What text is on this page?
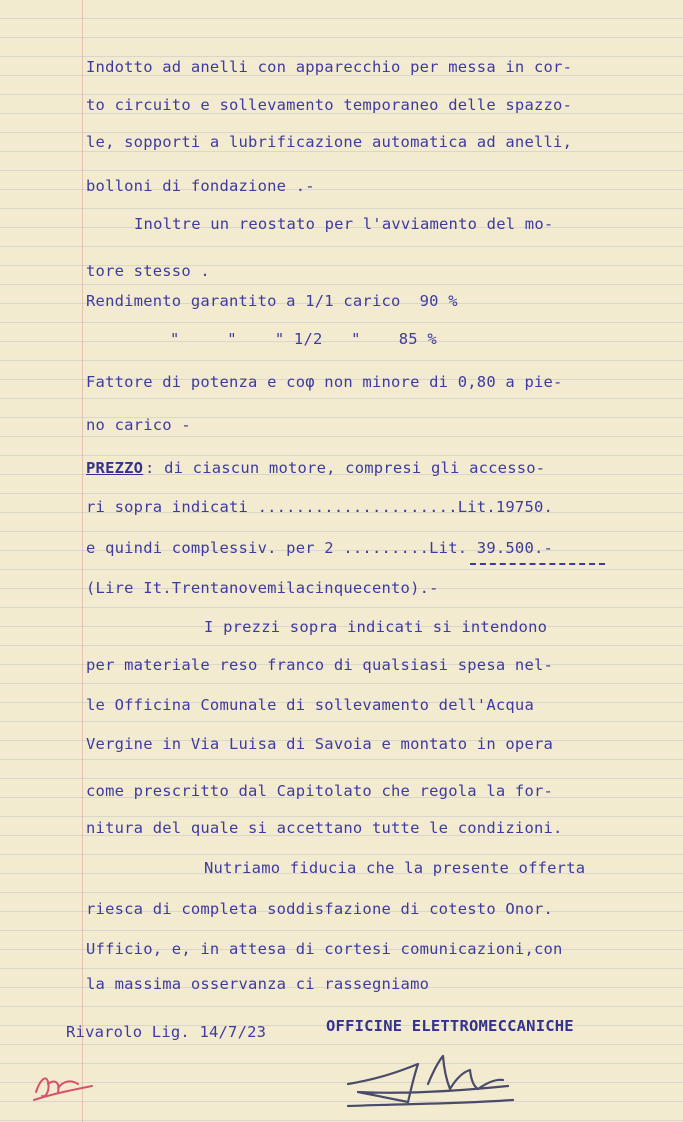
Indotto ad anelli con apparecchio per messa in cor-
to circuito e sollevamento temporaneo delle spazzo-
le, sopporti a lubrificazione automatica ad anelli,
bolloni di fondazione .-
Inoltre un reostato per l'avviamento del mo-
tore stesso .
Rendimento garantito a 1/1 carico  90 %
"     "    " 1/2   "    85 %
Fattore di potenza e coφ non minore di 0,80 a pie-
no carico -
PREZZO : di ciascun motore, compresi gli accesso-
ri sopra indicati .....................Lit.19750.
e quindi complessiv. per 2 .........Lit. 39.500.-
(Lire It.Trentanovemilacinquecento).-
I prezzi sopra indicati si intendono
per materiale reso franco di qualsiasi spesa nel-
le Officina Comunale di sollevamento dell'Acqua
Vergine in Via Luisa di Savoia e montato in opera
come prescritto dal Capitolato che regola la for-
nitura del quale si accettano tutte le condizioni.
Nutriamo fiducia che la presente offerta
riesca di completa soddisfazione di cotesto Onor.
Ufficio, e, in attesa di cortesi comunicazioni,con
la massima osservanza ci rassegniamo
Rivarolo Lig. 14/7/23	OFFICINE ELETTROMECCANICHE
